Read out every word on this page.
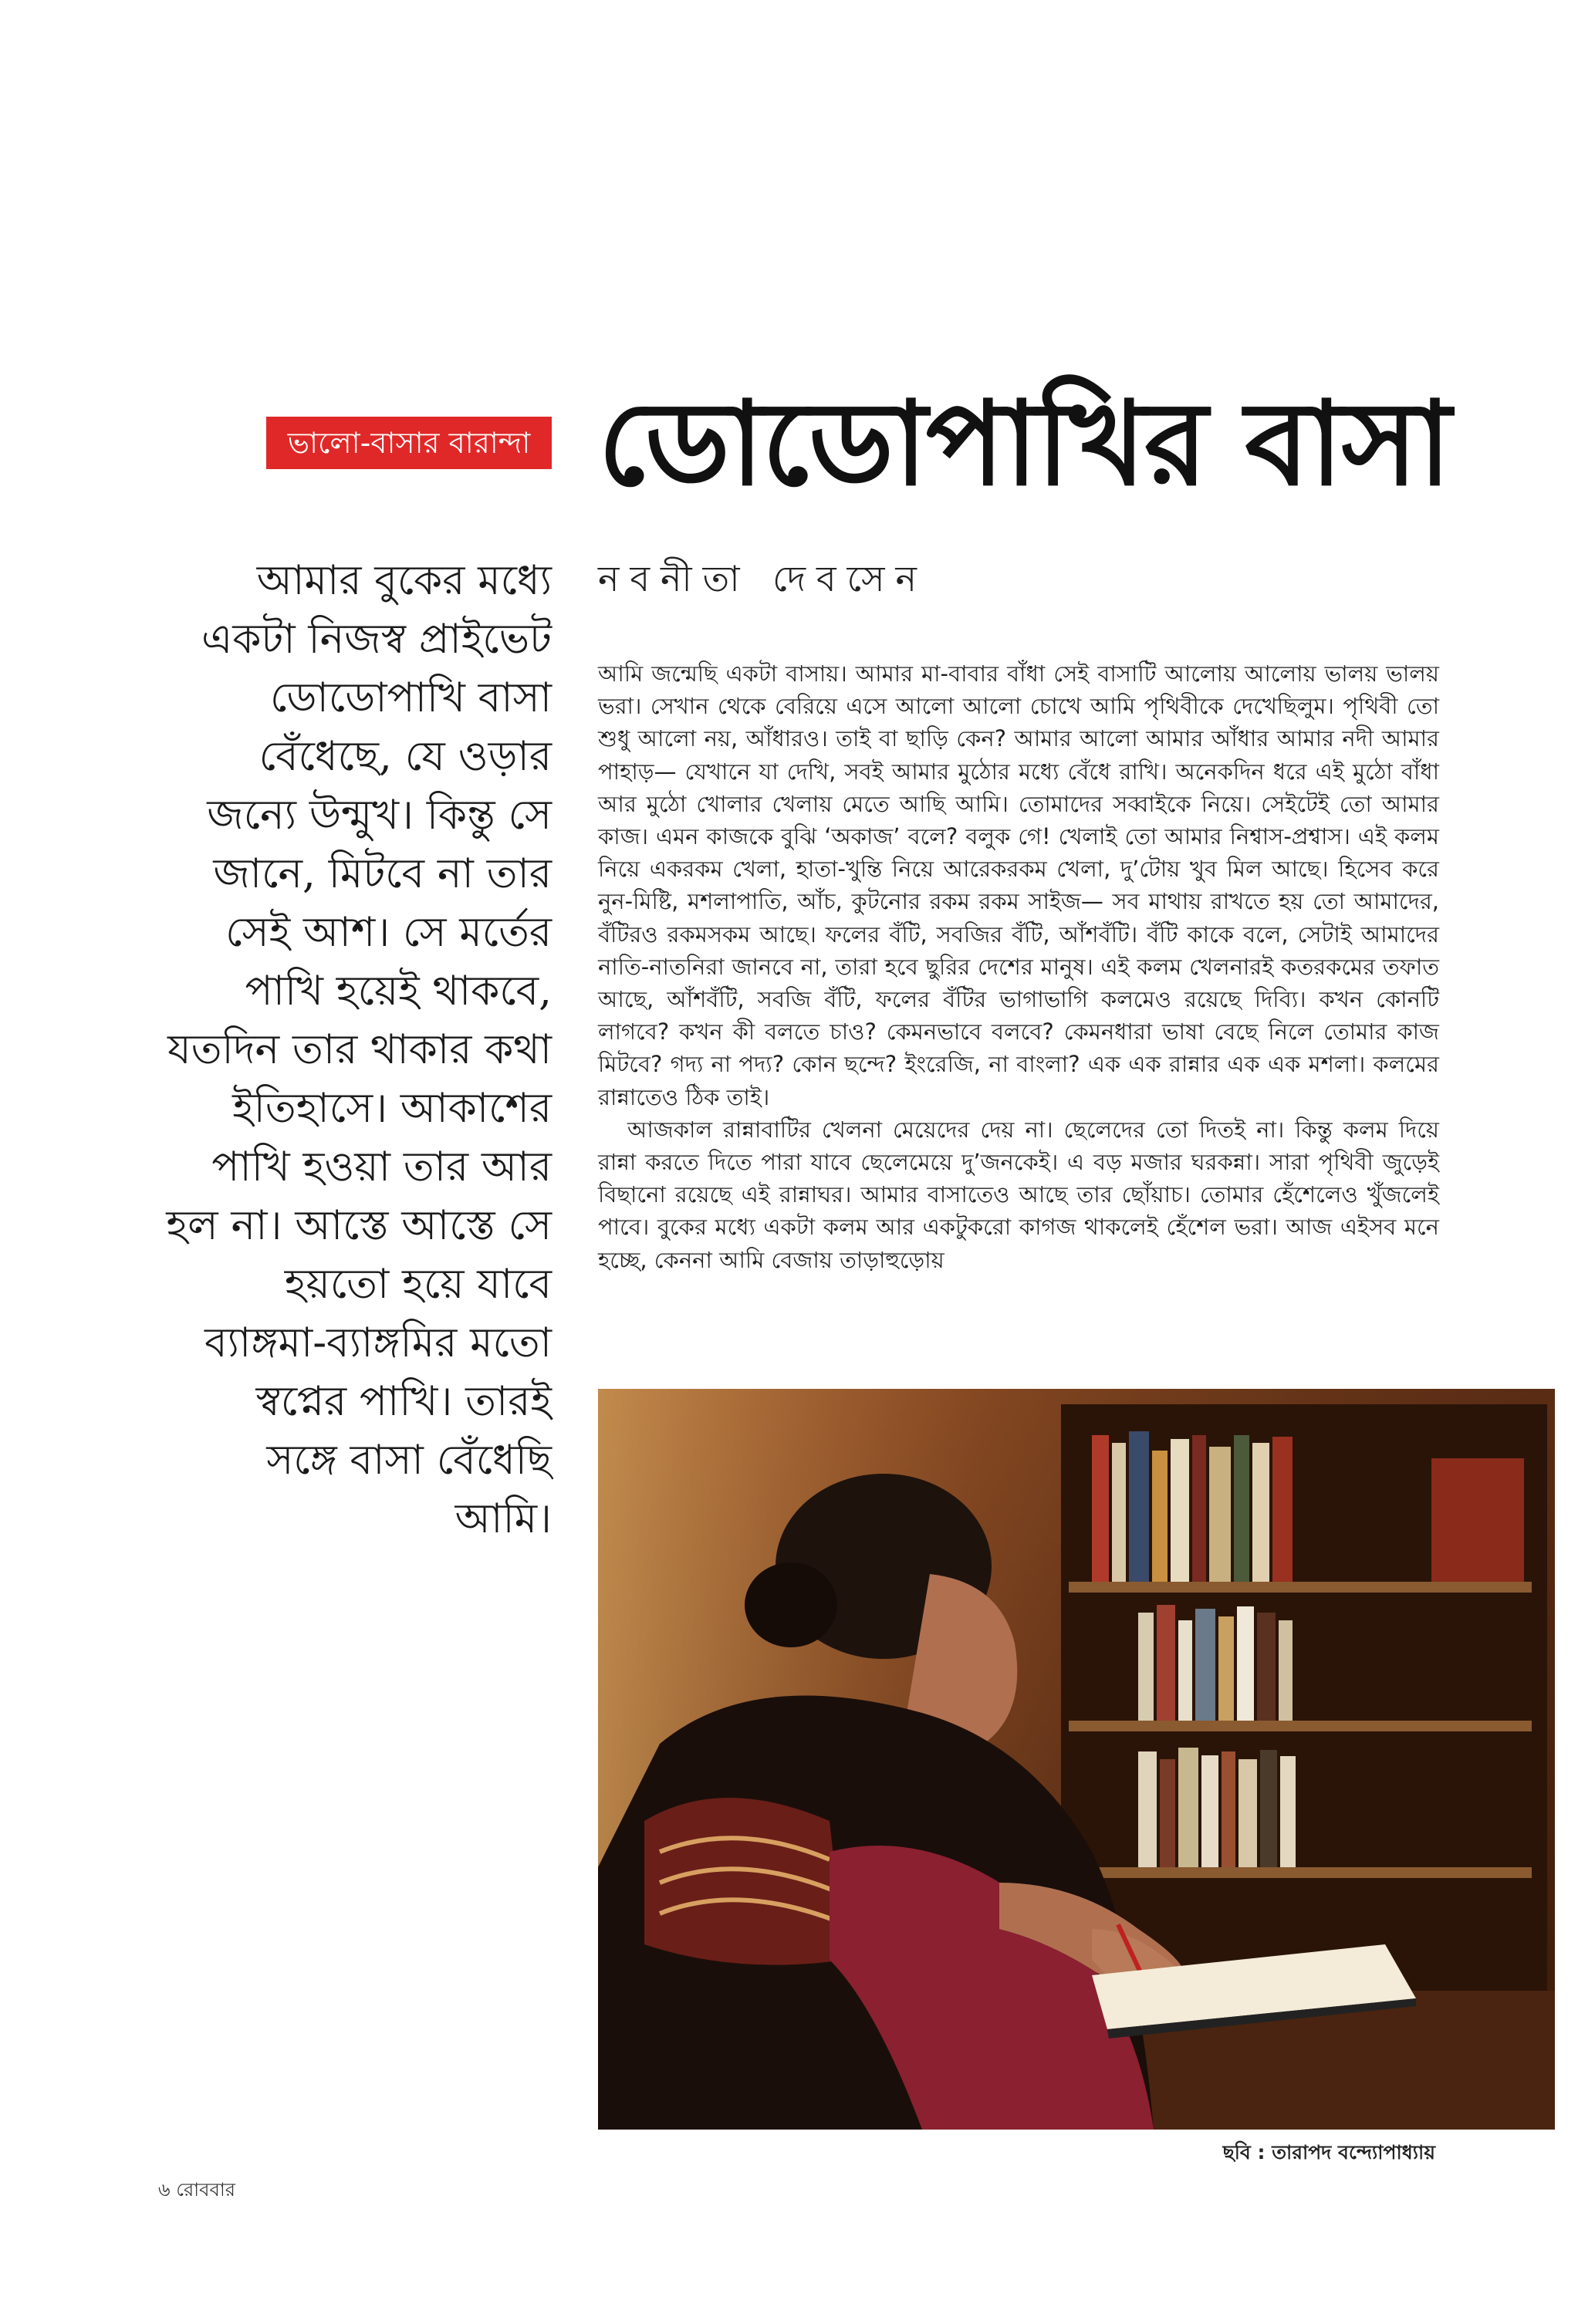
ভালো-বাসার বারান্দা ডোডোপাখির বাসা
নবনীতা দেবসেন
আমার বুকের মধ্যে
একটা নিজস্ব প্রাইভেট
ডোডোপাখি বাসা
বেঁধেছে, যে ওড়ার
জন্যে উন্মুখ। কিন্তু সে
জানে, মিটবে না তার
সেই আশ। সে মর্তের
পাখি হয়েই থাকবে,
যতদিন তার থাকার কথা
ইতিহাসে। আকাশের
পাখি হওয়া তার আর
হল না। আস্তে আস্তে সে
হয়তো হয়ে যাবে
ব্যাঙ্গমা-ব্যাঙ্গমির মতো
স্বপ্নের পাখি। তারই
সঙ্গে বাসা বেঁধেছি
আমি।

আমি জন্মেছি একটা বাসায়। আমার মা-বাবার বাঁধা সেই বাসাটি আলোয় আলোয় ভালয় ভালয় ভরা। সেখান থেকে বেরিয়ে এসে আলো আলো চোখে আমি পৃথিবীকে দেখেছিলুম। পৃথিবী তো শুধু আলো নয়, আঁধারও। তাই বা ছাড়ি কেন? আমার আলো আমার আঁধার আমার নদী আমার পাহাড়— যেখানে যা দেখি, সবই আমার মুঠোর মধ্যে বেঁধে রাখি। অনেকদিন ধরে এই মুঠো বাঁধা আর মুঠো খোলার খেলায় মেতে আছি আমি। তোমাদের সব্বাইকে নিয়ে। সেইটেই তো আমার কাজ। এমন কাজকে বুঝি ‘অকাজ’ বলে? বলুক গে! খেলাই তো আমার নিশ্বাস-প্রশ্বাস। এই কলম নিয়ে একরকম খেলা, হাতা-খুন্তি নিয়ে আরেকরকম খেলা, দু’টোয় খুব মিল আছে। হিসেব করে নুন-মিষ্টি, মশলাপাতি, আঁচ, কুটনোর রকম রকম সাইজ— সব মাথায় রাখতে হয় তো আমাদের, বঁটিরও রকমসকম আছে। ফলের বঁটি, সবজির বঁটি, আঁশবঁটি। বঁটি কাকে বলে, সেটাই আমাদের নাতি-নাতনিরা জানবে না, তারা হবে ছুরির দেশের মানুষ। এই কলম খেলনারই কতরকমের তফাত আছে, আঁশবঁটি, সবজি বঁটি, ফলের বঁটির ভাগাভাগি কলমেও রয়েছে দিব্যি। কখন কোনটি লাগবে? কখন কী বলতে চাও? কেমনভাবে বলবে? কেমনধারা ভাষা বেছে নিলে তোমার কাজ মিটবে? গদ্য না পদ্য? কোন ছন্দে? ইংরেজি, না বাংলা? এক এক রান্নার এক এক মশলা। কলমের রান্নাতেও ঠিক তাই।

আজকাল রান্নাবাটির খেলনা মেয়েদের দেয় না। ছেলেদের তো দিতই না। কিন্তু কলম দিয়ে রান্না করতে দিতে পারা যাবে ছেলেমেয়ে দু’জনকেই। এ বড় মজার ঘরকন্না। সারা পৃথিবী জুড়েই বিছানো রয়েছে এই রান্নাঘর। আমার বাসাতেও আছে তার ছোঁয়াচ। তোমার হেঁশেলেও খুঁজলেই পাবে। বুকের মধ্যে একটা কলম আর একটুকরো কাগজ থাকলেই হেঁশেল ভরা। আজ এইসব মনে হচ্ছে, কেননা আমি বেজায় তাড়াহুড়োয়

ছবি : তারাপদ বন্দ্যোপাধ্যায়
৬ রোববার
